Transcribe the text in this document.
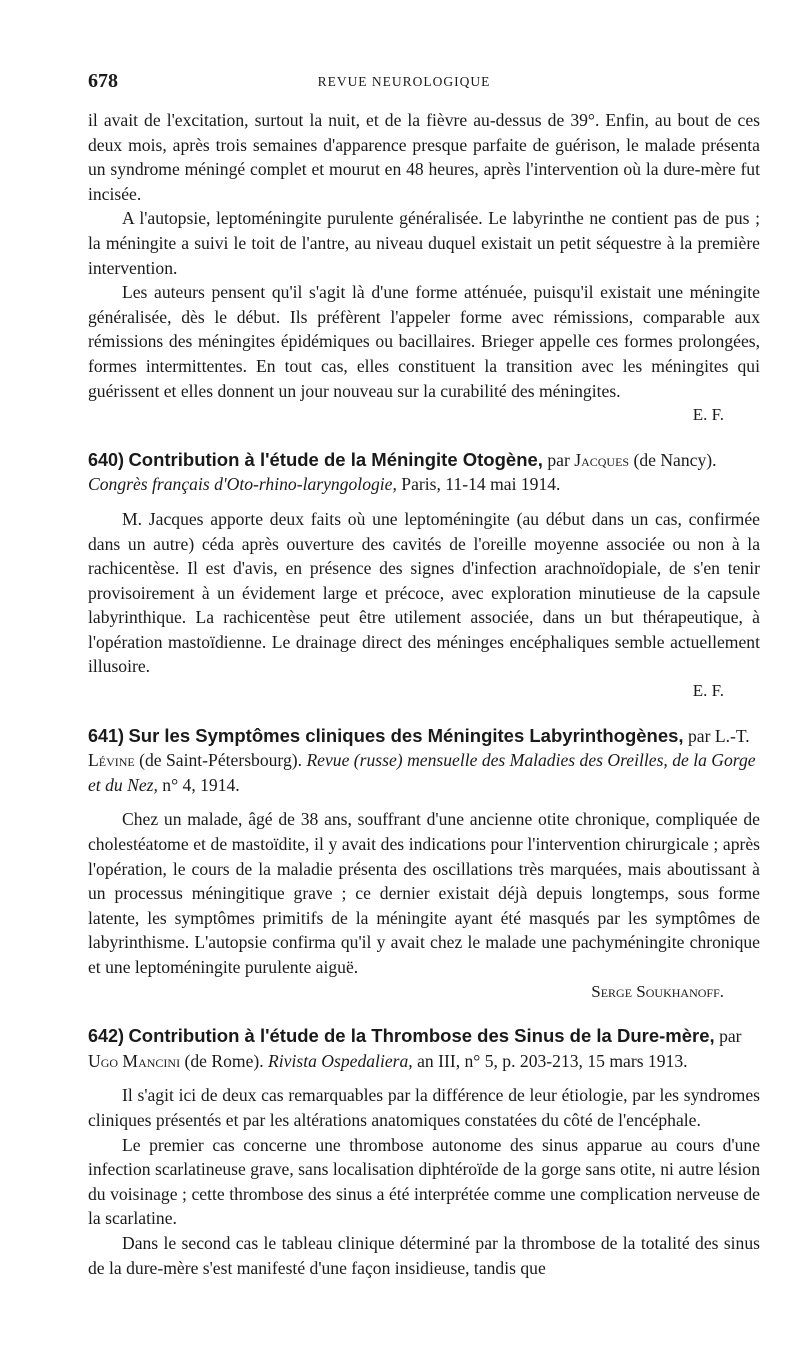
678	REVUE NEUROLOGIQUE

il avait de l'excitation, surtout la nuit, et de la fièvre au-dessus de 39°. Enfin, au bout de ces deux mois, après trois semaines d'apparence presque parfaite de guérison, le malade présenta un syndrome méningé complet et mourut en 48 heures, après l'intervention où la dure-mère fut incisée.

A l'autopsie, leptoméningite purulente généralisée. Le labyrinthe ne contient pas de pus ; la méningite a suivi le toit de l'antre, au niveau duquel existait un petit séquestre à la première intervention.

Les auteurs pensent qu'il s'agit là d'une forme atténuée, puisqu'il existait une méningite généralisée, dès le début. Ils préfèrent l'appeler forme avec rémissions, comparable aux rémissions des méningites épidémiques ou bacillaires. Brieger appelle ces formes prolongées, formes intermittentes. En tout cas, elles constituent la transition avec les méningites qui guérissent et elles donnent un jour nouveau sur la curabilité des méningites.

E. F.
640) Contribution à l'étude de la Méningite Otogène, par Jacques (de Nancy). Congrès français d'Oto-rhino-laryngologie, Paris, 11-14 mai 1914.

M. Jacques apporte deux faits où une leptoméningite (au début dans un cas, confirmée dans un autre) céda après ouverture des cavités de l'oreille moyenne associée ou non à la rachicentèse. Il est d'avis, en présence des signes d'infection arachnoïdopiale, de s'en tenir provisoirement à un évidement large et précoce, avec exploration minutieuse de la capsule labyrinthique. La rachicentèse peut être utilement associée, dans un but thérapeutique, à l'opération mastoïdienne. Le drainage direct des méninges encéphaliques semble actuellement illusoire.

E. F.
641) Sur les Symptômes cliniques des Méningites Labyrinthogènes, par L.-T. Lévine (de Saint-Pétersbourg). Revue (russe) mensuelle des Maladies des Oreilles, de la Gorge et du Nez, n° 4, 1914.

Chez un malade, âgé de 38 ans, souffrant d'une ancienne otite chronique, compliquée de cholestéatome et de mastoïdite, il y avait des indications pour l'intervention chirurgicale ; après l'opération, le cours de la maladie présenta des oscillations très marquées, mais aboutissant à un processus méningitique grave ; ce dernier existait déjà depuis longtemps, sous forme latente, les symptômes primitifs de la méningite ayant été masqués par les symptômes de labyrinthisme. L'autopsie confirma qu'il y avait chez le malade une pachyméningite chronique et une leptoméningite purulente aiguë.

Serge Soukhanoff.
642) Contribution à l'étude de la Thrombose des Sinus de la Dure-mère, par Ugo Mancini (de Rome). Rivista Ospedaliera, an III, n° 5, p. 203-213, 15 mars 1913.

Il s'agit ici de deux cas remarquables par la différence de leur étiologie, par les syndromes cliniques présentés et par les altérations anatomiques constatées du côté de l'encéphale.

Le premier cas concerne une thrombose autonome des sinus apparue au cours d'une infection scarlatineuse grave, sans localisation diphtéroïde de la gorge sans otite, ni autre lésion du voisinage ; cette thrombose des sinus a été interprétée comme une complication nerveuse de la scarlatine.

Dans le second cas le tableau clinique déterminé par la thrombose de la totalité des sinus de la dure-mère s'est manifesté d'une façon insidieuse, tandis que
